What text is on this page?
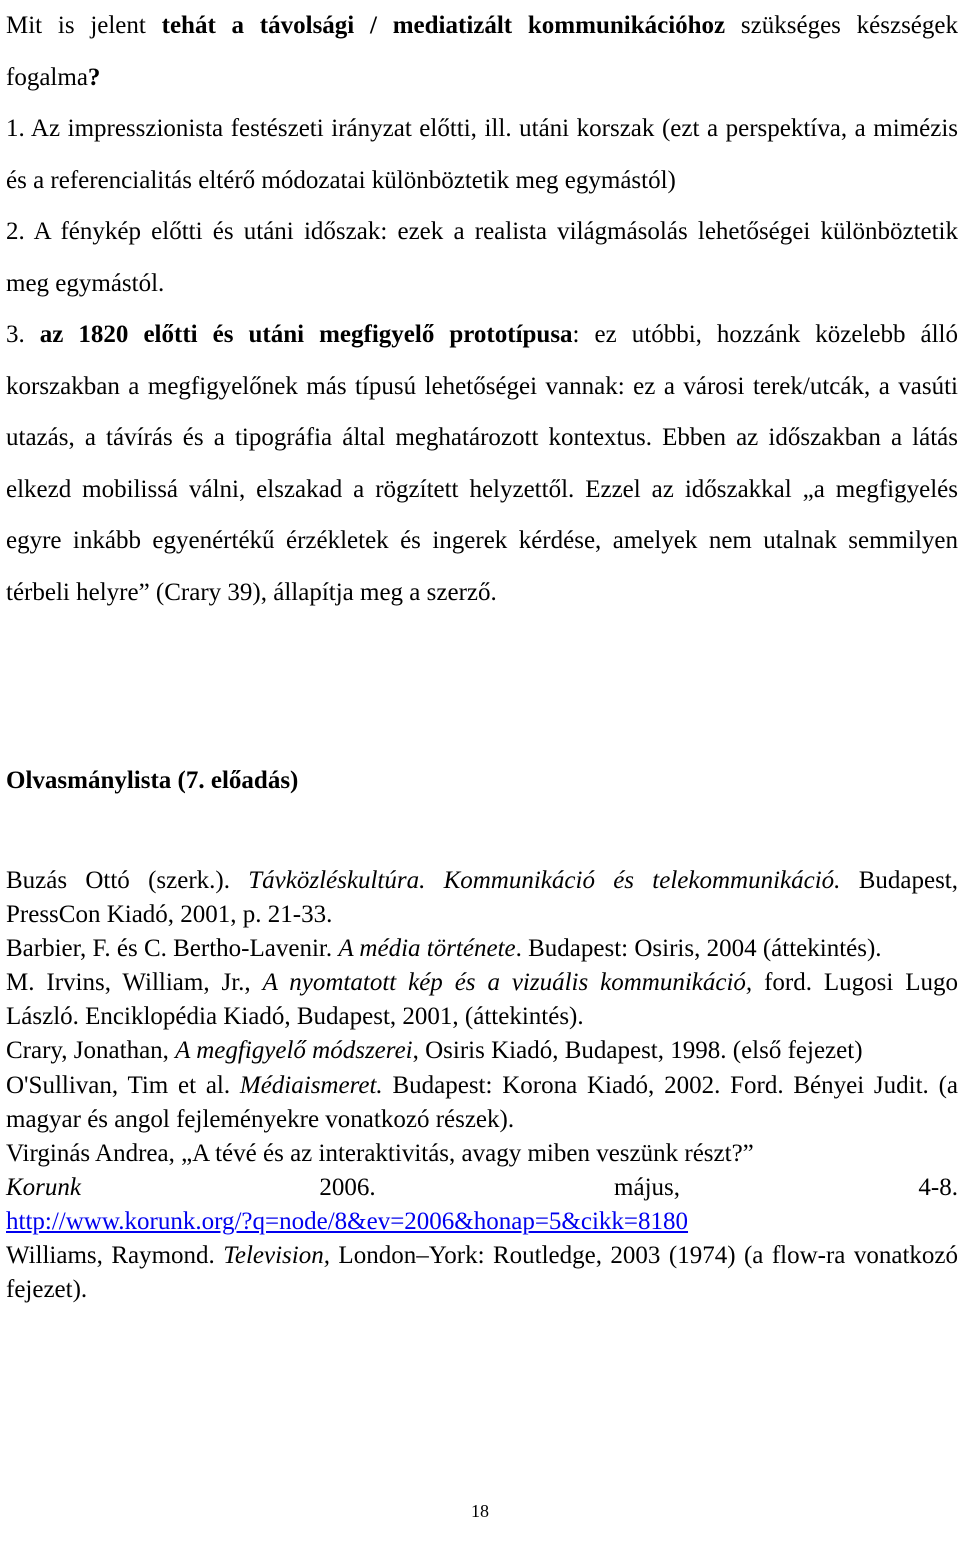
Mit is jelent tehát a távolsági / mediatizált kommunikációhoz szükséges készségek fogalma?

1. Az impresszionista festészeti irányzat előtti, ill. utáni korszak (ezt a perspektíva, a mimézis és a referencialitás eltérő módozatai különböztetik meg egymástól)

2. A fénykép előtti és utáni időszak: ezek a realista világmásolás lehetőségei különböztetik meg egymástól.

3. az 1820 előtti és utáni megfigyelő prototípusa: ez utóbbi, hozzánk közelebb álló korszakban a megfigyelőnek más típusú lehetőségei vannak: ez a városi terek/utcák, a vasúti utazás, a távírás és a tipográfia által meghatározott kontextus. Ebben az időszakban a látás elkezd mobilissá válni, elszakad a rögzített helyzettől. Ezzel az időszakkal „a megfigyelés egyre inkább egyenértékű érzékletek és ingerek kérdése, amelyek nem utalnak semmilyen térbeli helyre” (Crary 39), állapítja meg a szerző.

Olvasmánylista (7. előadás)

Buzás Ottó (szerk.). Távközléskultúra. Kommunikáció és telekommunikáció. Budapest, PressCon Kiadó, 2001, p. 21-33.

Barbier, F. és C. Bertho-Lavenir. A média története. Budapest: Osiris, 2004 (áttekintés).

M. Irvins, William, Jr., A nyomtatott kép és a vizuális kommunikáció, ford. Lugosi Lugo László. Enciklopédia Kiadó, Budapest, 2001, (áttekintés).

Crary, Jonathan, A megfigyelő módszerei, Osiris Kiadó, Budapest, 1998. (első fejezet)

O'Sullivan, Tim et al. Médiaismeret. Budapest: Korona Kiadó, 2002. Ford. Bényei Judit. (a magyar és angol fejleményekre vonatkozó részek).

Virginás Andrea, „A tévé és az interaktivitás, avagy miben veszünk részt?”
Korunk	2006.	május,	4-8.
http://www.korunk.org/?q=node/8&ev=2006&honap=5&cikk=8180

Williams, Raymond. Television, London–York: Routledge, 2003 (1974) (a flow-ra vonatkozó fejezet).

18
